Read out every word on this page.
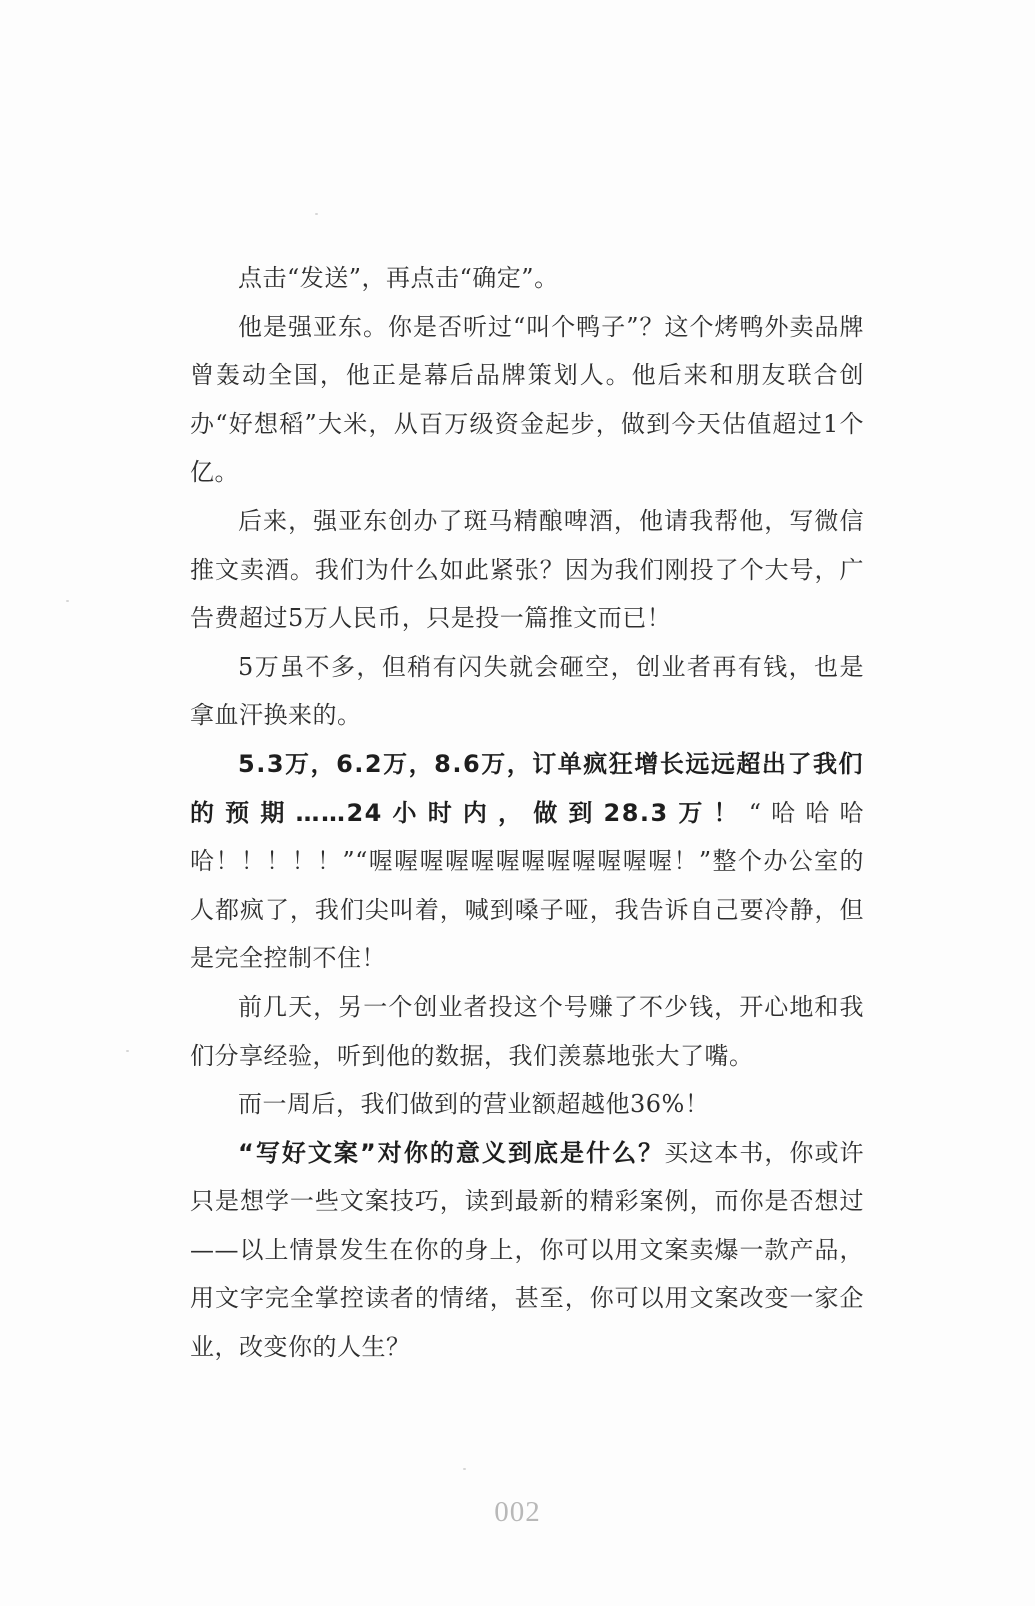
点击“发送”，再点击“确定”。

他是强亚东。你是否听过“叫个鸭子”？这个烤鸭外卖品牌曾轰动全国，他正是幕后品牌策划人。他后来和朋友联合创办“好想稻”大米，从百万级资金起步，做到今天估值超过1个亿。

后来，强亚东创办了斑马精酿啤酒，他请我帮他，写微信推文卖酒。我们为什么如此紧张？因为我们刚投了个大号，广告费超过5万人民币，只是投一篇推文而已！

5万虽不多，但稍有闪失就会砸空，创业者再有钱，也是拿血汗换来的。

5.3万，6.2万，8.6万，订单疯狂增长远远超出了我们的预期……24小时内，做到28.3万！“哈哈哈哈！！！！！”“喔喔喔喔喔喔喔喔喔喔喔喔！”整个办公室的人都疯了，我们尖叫着，喊到嗓子哑，我告诉自己要冷静，但是完全控制不住！

前几天，另一个创业者投这个号赚了不少钱，开心地和我们分享经验，听到他的数据，我们羡慕地张大了嘴。

而一周后，我们做到的营业额超越他36%！

“写好文案”对你的意义到底是什么？买这本书，你或许只是想学一些文案技巧，读到最新的精彩案例，而你是否想过——以上情景发生在你的身上，你可以用文案卖爆一款产品，用文字完全掌控读者的情绪，甚至，你可以用文案改变一家企业，改变你的人生？

002
